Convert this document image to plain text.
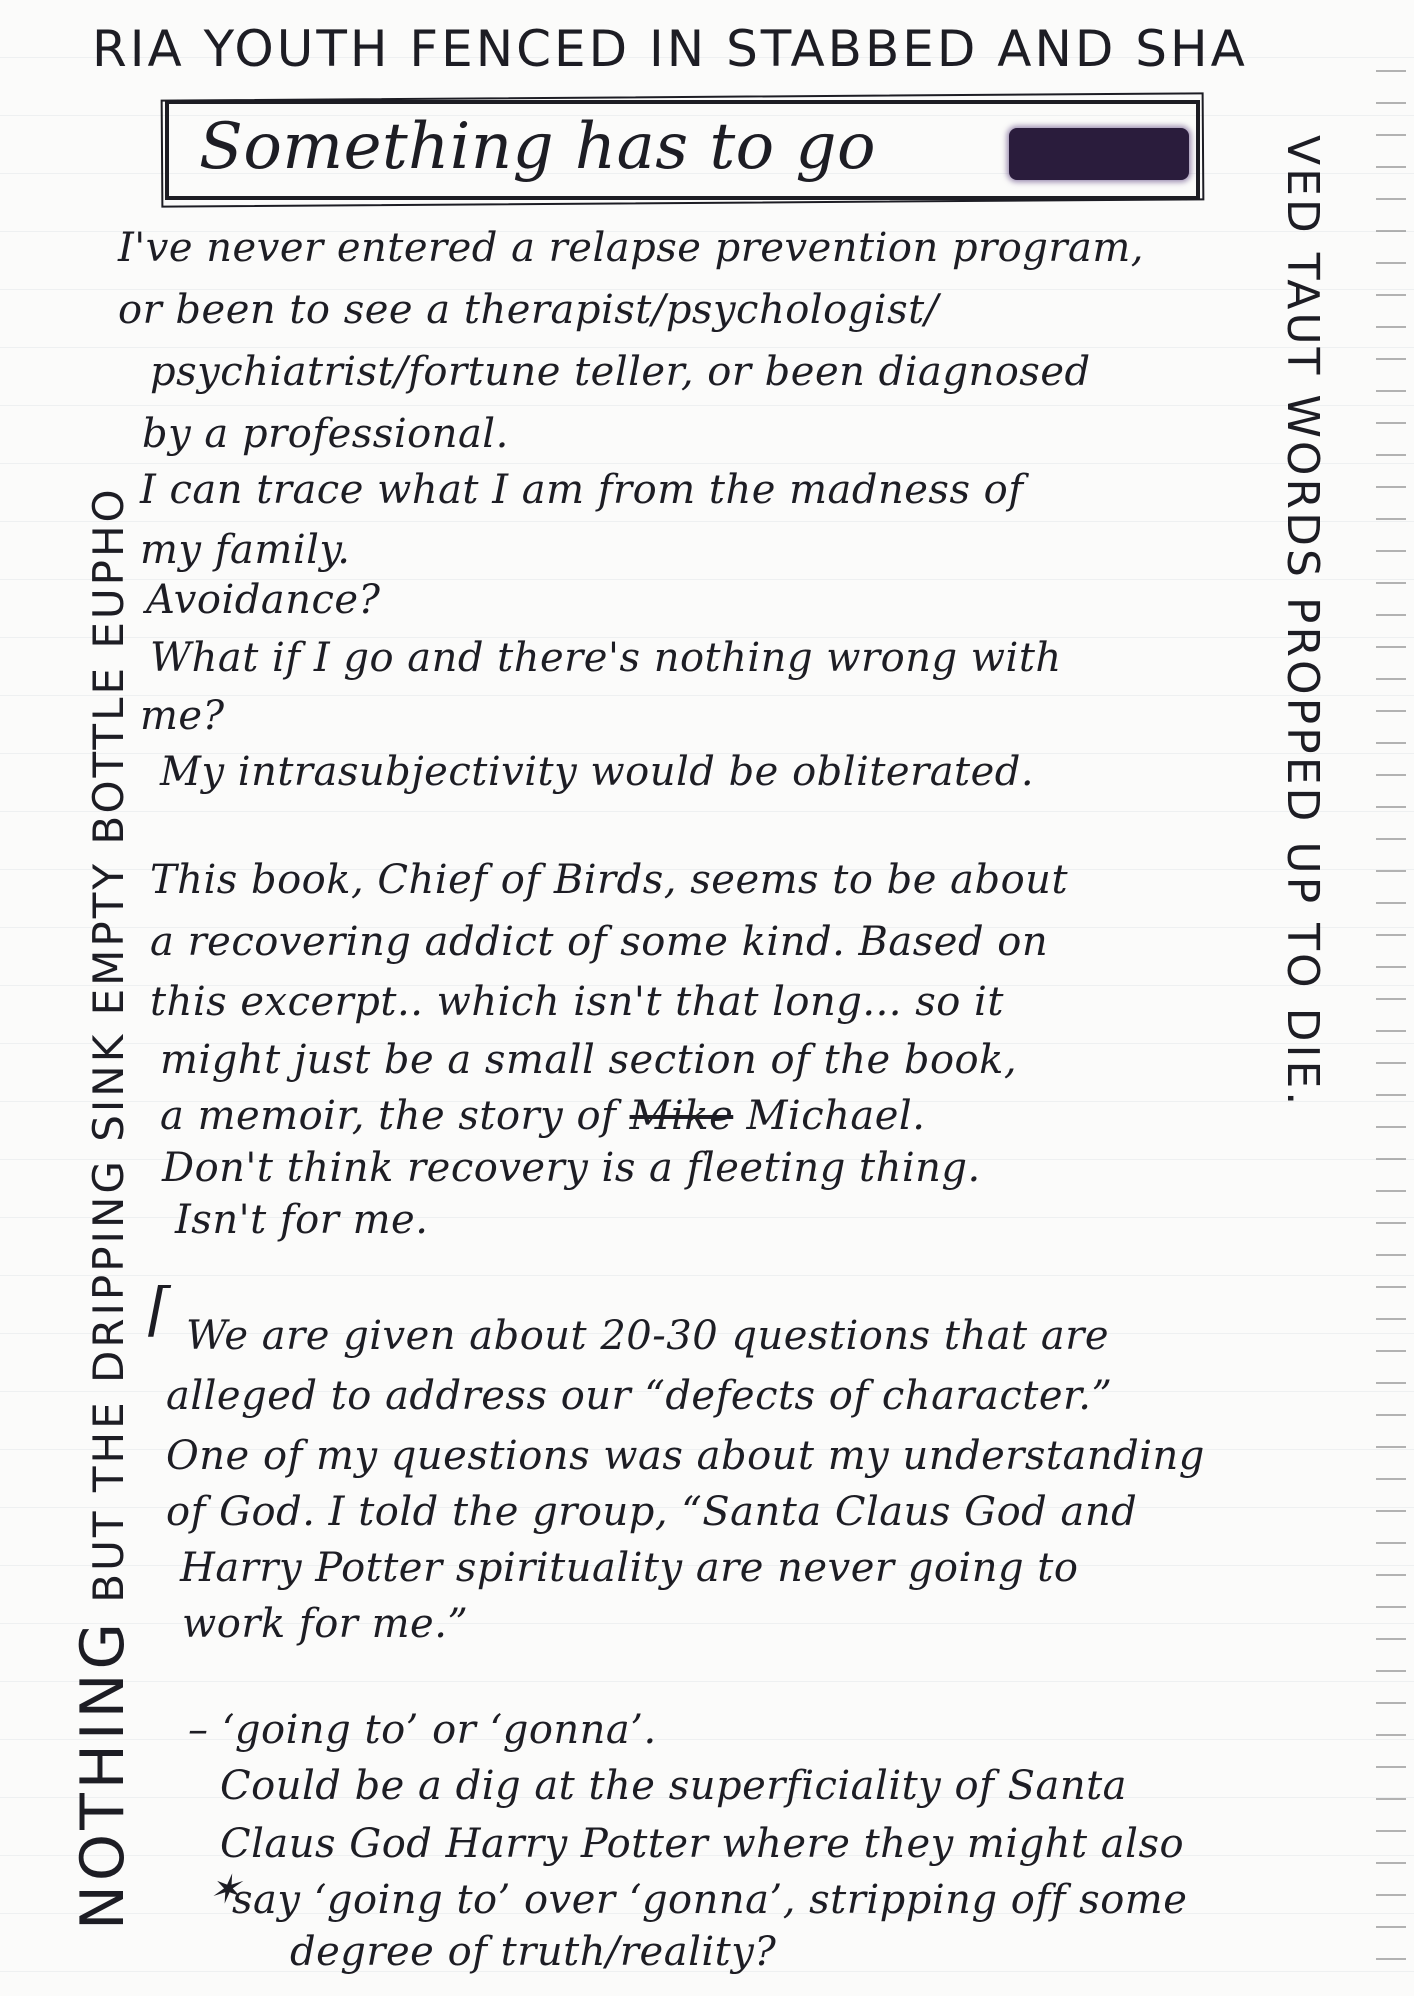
RIA YOUTH FENCED IN STABBED AND SHA
VED TAUT WORDS PROPPED UP TO DIE.
NOTHING BUT THE DRIPPING SINK EMPTY BOTTLE EUPHO
Something has to go
I've never entered a relapse prevention program,
or been to see a therapist/psychologist/
psychiatrist/fortune teller, or been diagnosed
by a professional.
I can trace what I am from the madness of
my family.
Avoidance?
What if I go and there's nothing wrong with
me?
My intrasubjectivity would be obliterated.
This book, Chief of Birds, seems to be about
a recovering addict of some kind. Based on
this excerpt.. which isn't that long... so it
might just be a small section of the book,
a memoir, the story of Mike Michael.
Don't think recovery is a fleeting thing.
Isn't for me.
⌈ We are given about 20-30 questions that are
alleged to address our “defects of character.”
One of my questions was about my understanding
of God. I told the group, “Santa Claus God and
Harry Potter spirituality are never going to
work for me.”
– ‘going to’ or ‘gonna’.
Could be a dig at the superficiality of Santa
Claus God Harry Potter where they might also
✶
say ‘going to’ over ‘gonna’, stripping off some
degree of truth/reality?
